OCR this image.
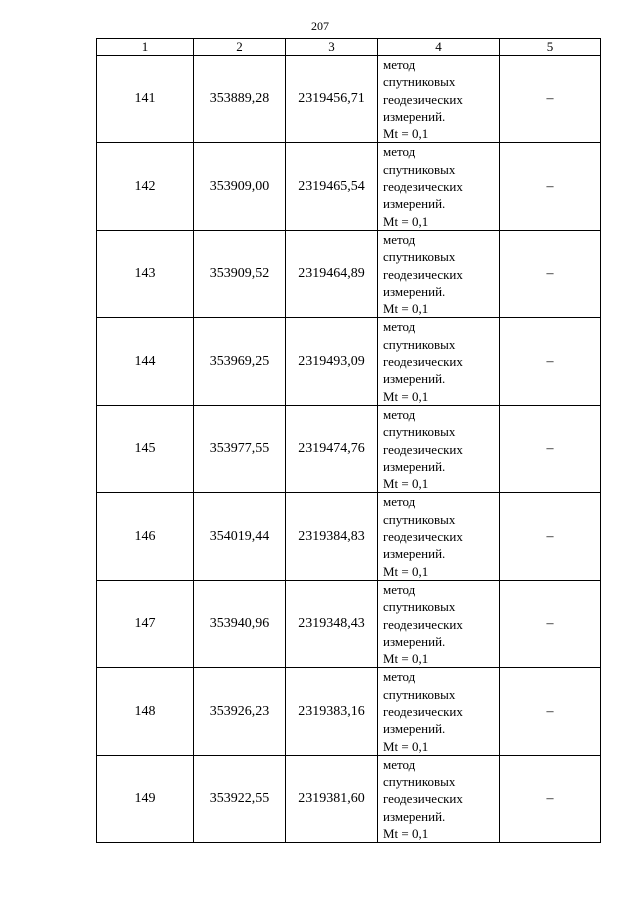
207
1	2	3	4	5
141	353889,28	2319456,71	метод
спутниковых
геодезических
измерений.
Mt = 0,1	–
142	353909,00	2319465,54	метод
спутниковых
геодезических
измерений.
Mt = 0,1	–
143	353909,52	2319464,89	метод
спутниковых
геодезических
измерений.
Mt = 0,1	–
144	353969,25	2319493,09	метод
спутниковых
геодезических
измерений.
Mt = 0,1	–
145	353977,55	2319474,76	метод
спутниковых
геодезических
измерений.
Mt = 0,1	–
146	354019,44	2319384,83	метод
спутниковых
геодезических
измерений.
Mt = 0,1	–
147	353940,96	2319348,43	метод
спутниковых
геодезических
измерений.
Mt = 0,1	–
148	353926,23	2319383,16	метод
спутниковых
геодезических
измерений.
Mt = 0,1	–
149	353922,55	2319381,60	метод
спутниковых
геодезических
измерений.
Mt = 0,1	–
